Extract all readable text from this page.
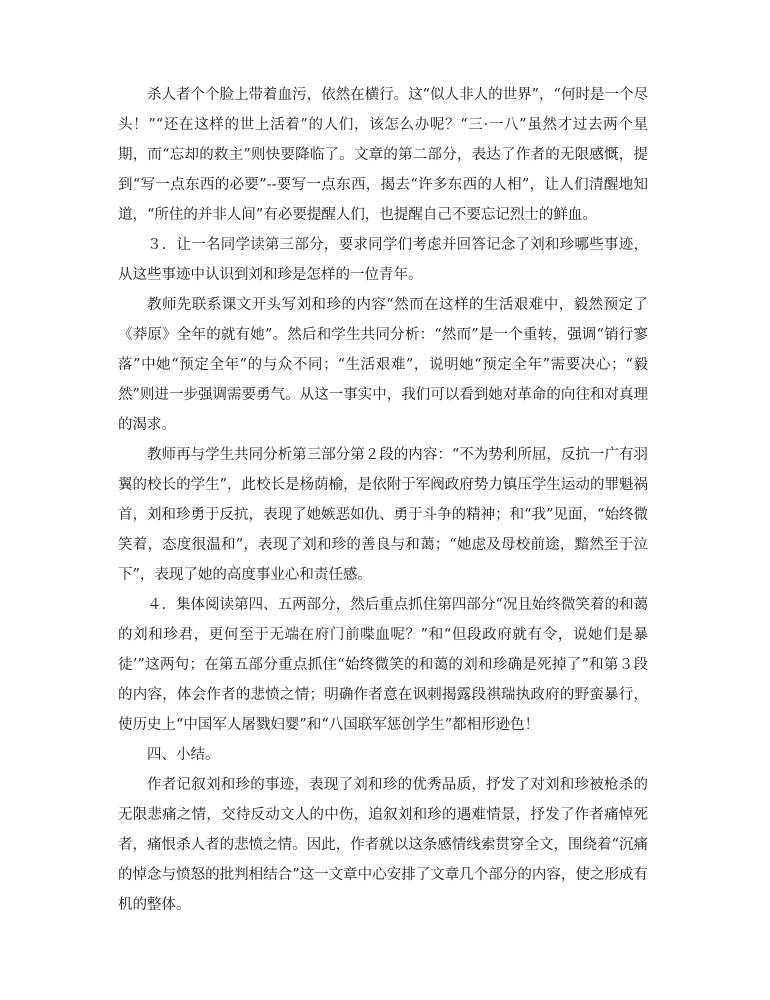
杀人者个个脸上带着血污，依然在横行。这“似人非人的世界”，“何时是一个尽头！”“还在这样的世上活着”的人们，该怎么办呢？“三·一八”虽然才过去两个星期，而“忘却的救主”则快要降临了。文章的第二部分，表达了作者的无限感慨，提到“写一点东西的必要”--要写一点东西，揭去“许多东西的人相”，让人们清醒地知道，“所住的并非人间”有必要提醒人们，也提醒自己不要忘记烈士的鲜血。

３．让一名同学读第三部分，要求同学们考虑并回答记念了刘和珍哪些事迹，从这些事迹中认识到刘和珍是怎样的一位青年。

教师先联系课文开头写刘和珍的内容“然而在这样的生活艰难中，毅然预定了《莽原》全年的就有她”。然后和学生共同分析：“然而”是一个重转，强调“销行寥落”中她“预定全年”的与众不同；“生活艰难”，说明她“预定全年”需要决心；“毅然”则进一步强调需要勇气。从这一事实中，我们可以看到她对革命的向往和对真理的渴求。

教师再与学生共同分析第三部分第２段的内容：“不为势利所屈，反抗一广有羽翼的校长的学生”，此校长是杨荫榆，是依附于军阀政府势力镇压学生运动的罪魁祸首，刘和珍勇于反抗，表现了她嫉恶如仇、勇于斗争的精神；和“我”见面，“始终微笑着，态度很温和”，表现了刘和珍的善良与和蔼；“她虑及母校前途，黯然至于泣下”，表现了她的高度事业心和责任感。

４．集体阅读第四、五两部分，然后重点抓住第四部分“况且始终微笑着的和蔼的刘和珍君，更何至于无端在府门前喋血呢？”和“但段政府就有令，说她们是暴徒’”这两句；在第五部分重点抓住“始终微笑的和蔼的刘和珍确是死掉了”和第３段的内容，体会作者的悲愤之情；明确作者意在讽刺揭露段祺瑞执政府的野蛮暴行，使历史上“中国军人屠戮妇婴”和“八国联军惩创学生”都相形逊色！

四、小结。

作者记叙刘和珍的事迹，表现了刘和珍的优秀品质，抒发了对刘和珍被枪杀的无限悲痛之情，交待反动文人的中伤，追叙刘和珍的遇难情景，抒发了作者痛悼死者，痛恨杀人者的悲愤之情。因此，作者就以这条感情线索贯穿全文，围绕着“沉痛的悼念与愤怒的批判相结合”这一文章中心安排了文章几个部分的内容，使之形成有机的整体。
